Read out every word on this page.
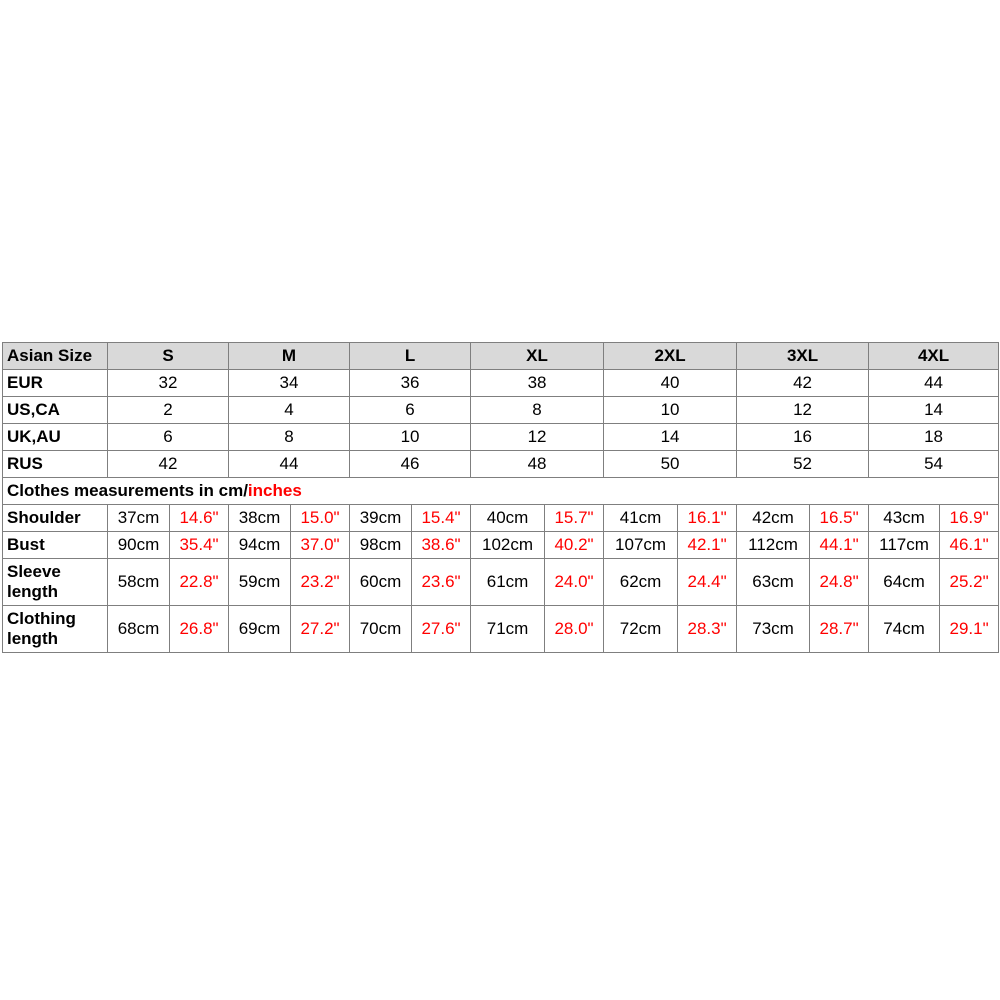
Asian Size	S		M		L		XL		2XL		3XL		4XL	
EUR	32		34		36		38		40		42		44	
US,CA	2		4		6		8		10		12		14	
UK,AU	6		8		10		12		14		16		18	
RUS	42		44		46		48		50		52		54	
Clothes measurements in cm/inches														
Shoulder	37cm	14.6"	38cm	15.0"	39cm	15.4"	40cm	15.7"	41cm	16.1"	42cm	16.5"	43cm	16.9"
Bust	90cm	35.4"	94cm	37.0"	98cm	38.6"	102cm	40.2"	107cm	42.1"	112cm	44.1"	117cm	46.1"
Sleeve
length	58cm	22.8"	59cm	23.2"	60cm	23.6"	61cm	24.0"	62cm	24.4"	63cm	24.8"	64cm	25.2"
Clothing
length	68cm	26.8"	69cm	27.2"	70cm	27.6"	71cm	28.0"	72cm	28.3"	73cm	28.7"	74cm	29.1"
